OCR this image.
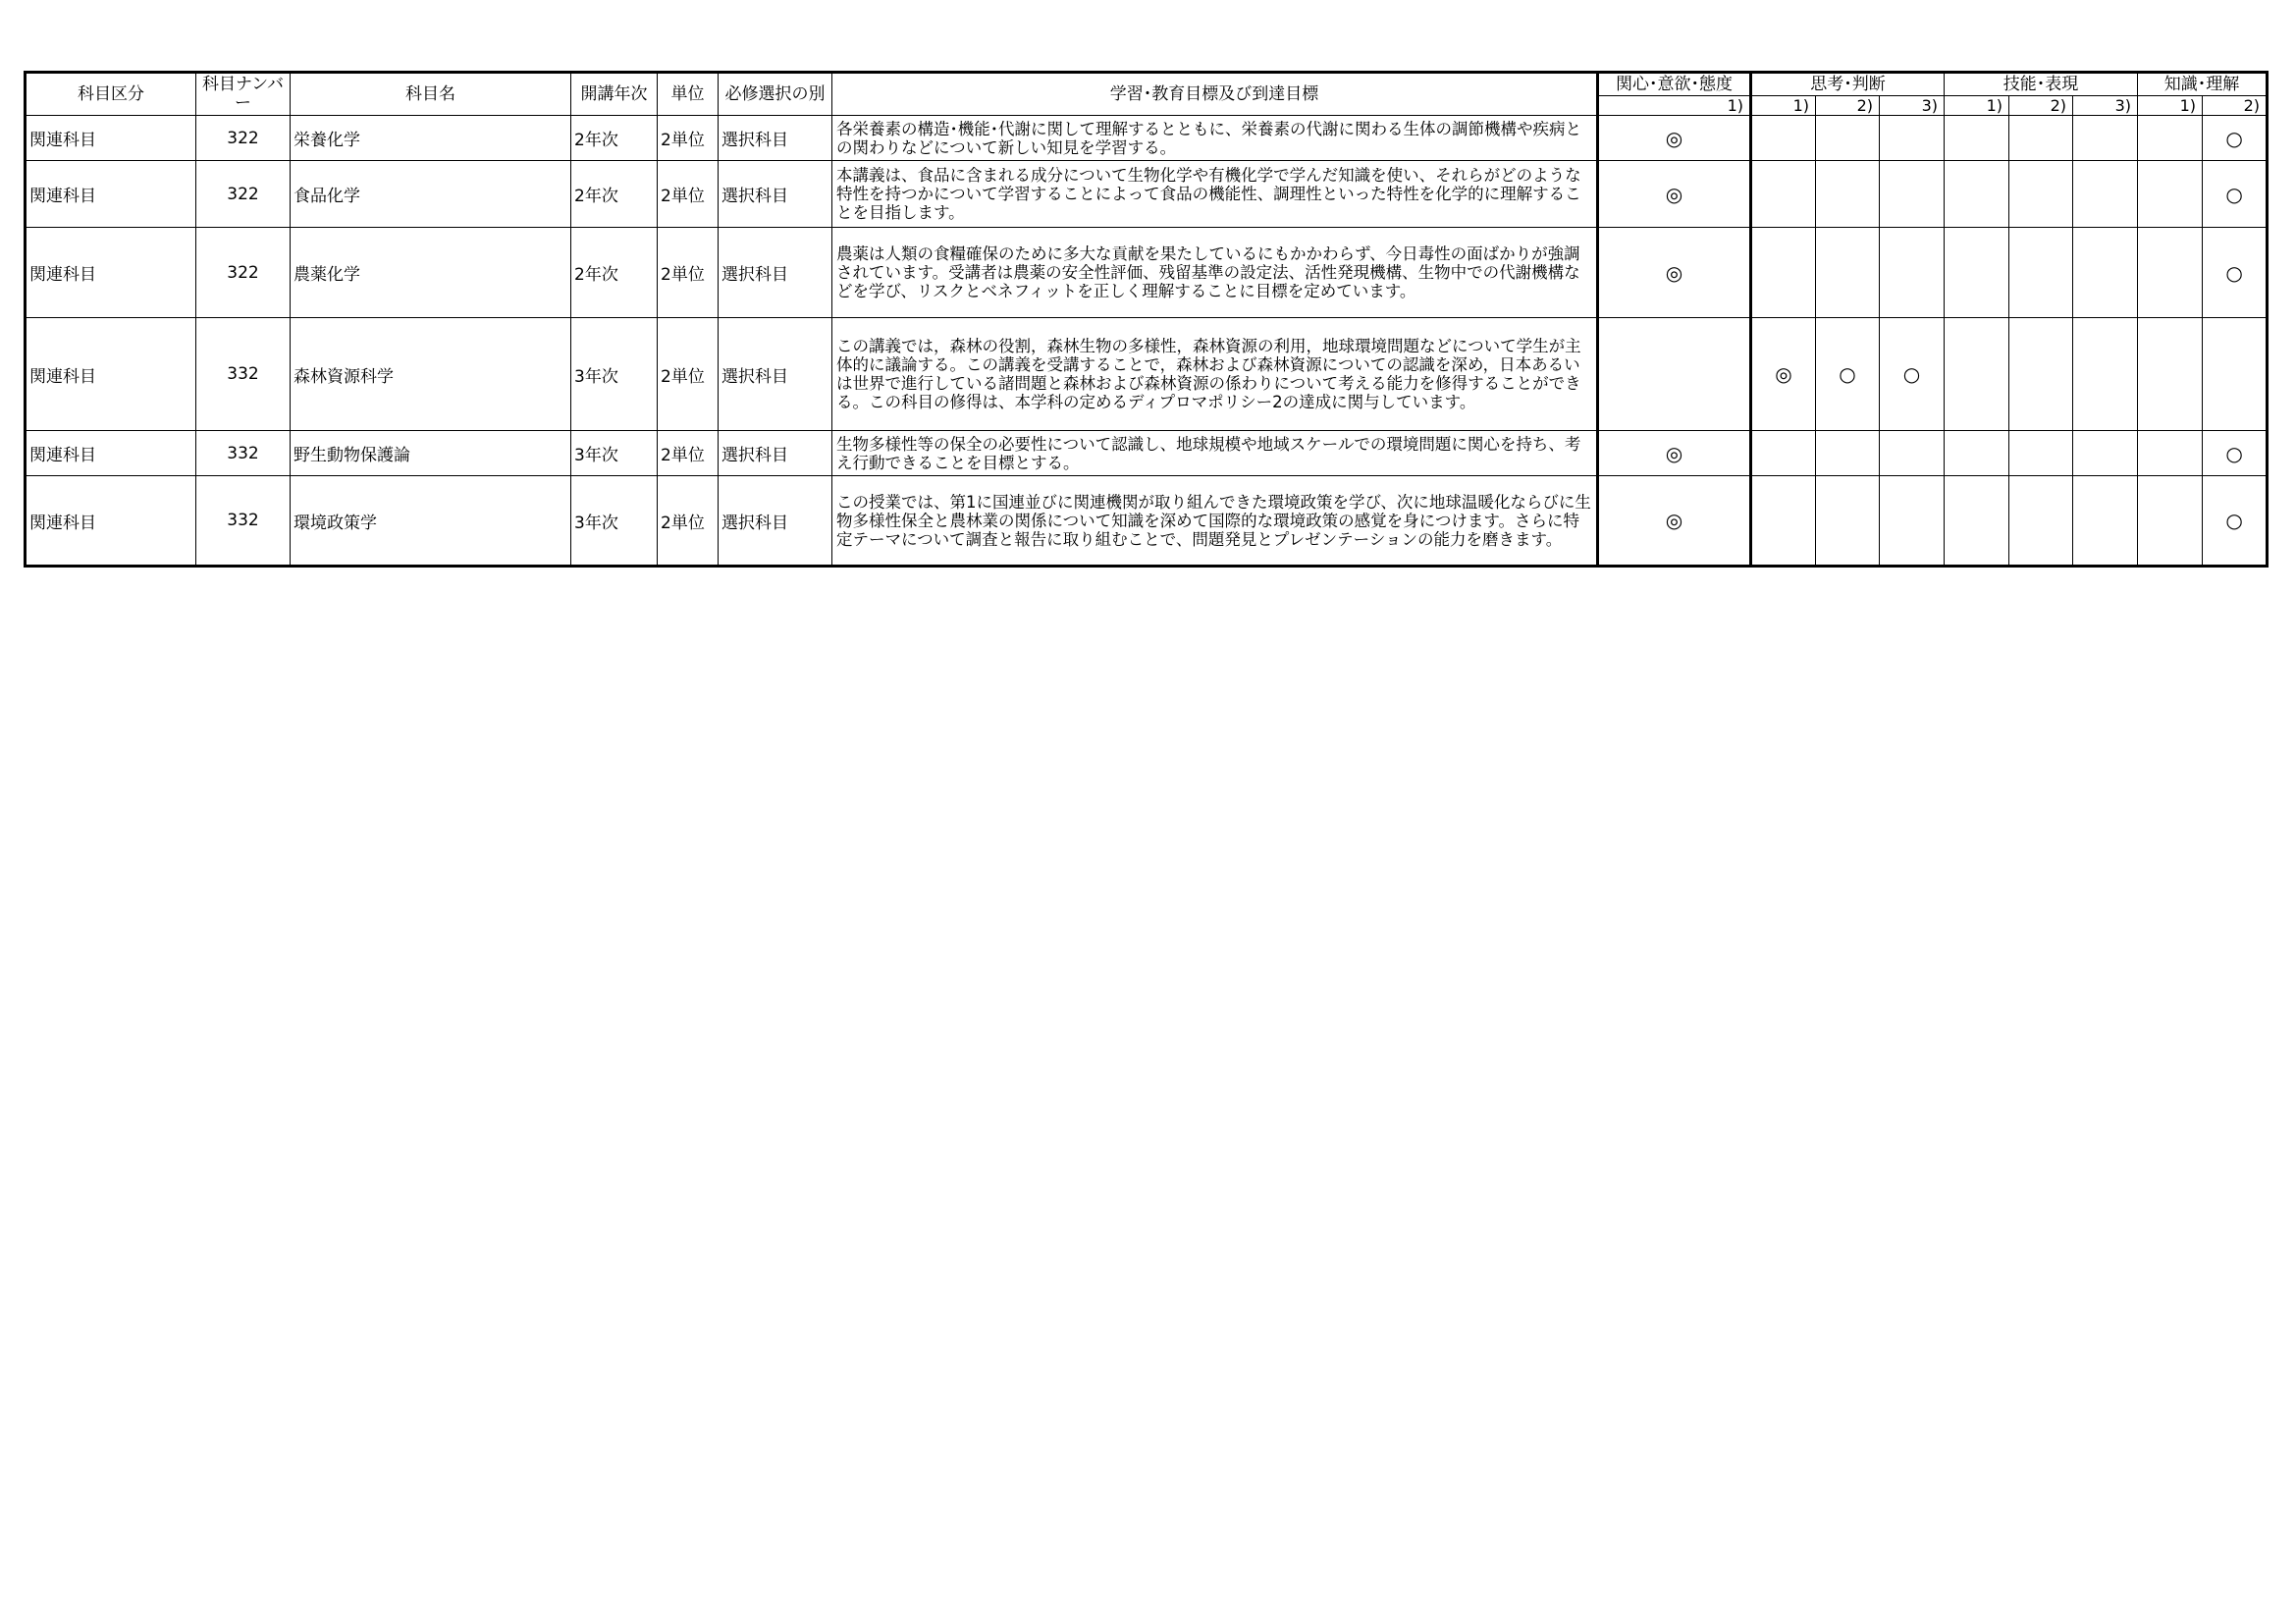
科目区分	科目ナンバー	科目名	開講年次	単位	必修選択の別	学習･教育目標及び到達目標	関心･意欲･態度	思考･判断			技能･表現			知識･理解	
							1)	1)	2)	3)	1)	2)	3)	1)	2)
関連科目	322	栄養化学	2年次	2単位	選択科目	各栄養素の構造･機能･代謝に関して理解するとともに、栄養素の代謝に関わる生体の調節機構や疾病との関わりなどについて新しい知見を学習する。	◎								○
関連科目	322	食品化学	2年次	2単位	選択科目	本講義は、食品に含まれる成分について生物化学や有機化学で学んだ知識を使い、それらがどのような特性を持つかについて学習することによって食品の機能性、調理性といった特性を化学的に理解することを目指します。	◎								○
関連科目	322	農薬化学	2年次	2単位	選択科目	農薬は人類の食糧確保のために多大な貢献を果たしているにもかかわらず、今日毒性の面ばかりが強調されています。受講者は農薬の安全性評価、残留基準の設定法、活性発現機構、生物中での代謝機構などを学び、リスクとベネフィットを正しく理解することに目標を定めています。	◎								○
関連科目	332	森林資源科学	3年次	2単位	選択科目	この講義では，森林の役割，森林生物の多様性，森林資源の利用，地球環境問題などについて学生が主体的に議論する。この講義を受講することで，森林および森林資源についての認識を深め，日本あるいは世界で進行している諸問題と森林および森林資源の係わりについて考える能力を修得することができる。この科目の修得は、本学科の定めるディプロマポリシー2の達成に関与しています。		◎	○	○					
関連科目	332	野生動物保護論	3年次	2単位	選択科目	生物多様性等の保全の必要性について認識し、地球規模や地域スケールでの環境問題に関心を持ち、考え行動できることを目標とする。	◎								○
関連科目	332	環境政策学	3年次	2単位	選択科目	この授業では、第1に国連並びに関連機関が取り組んできた環境政策を学び、次に地球温暖化ならびに生物多様性保全と農林業の関係について知識を深めて国際的な環境政策の感覚を身につけます。さらに特定テーマについて調査と報告に取り組むことで、問題発見とプレゼンテーションの能力を磨きます。	◎								○
